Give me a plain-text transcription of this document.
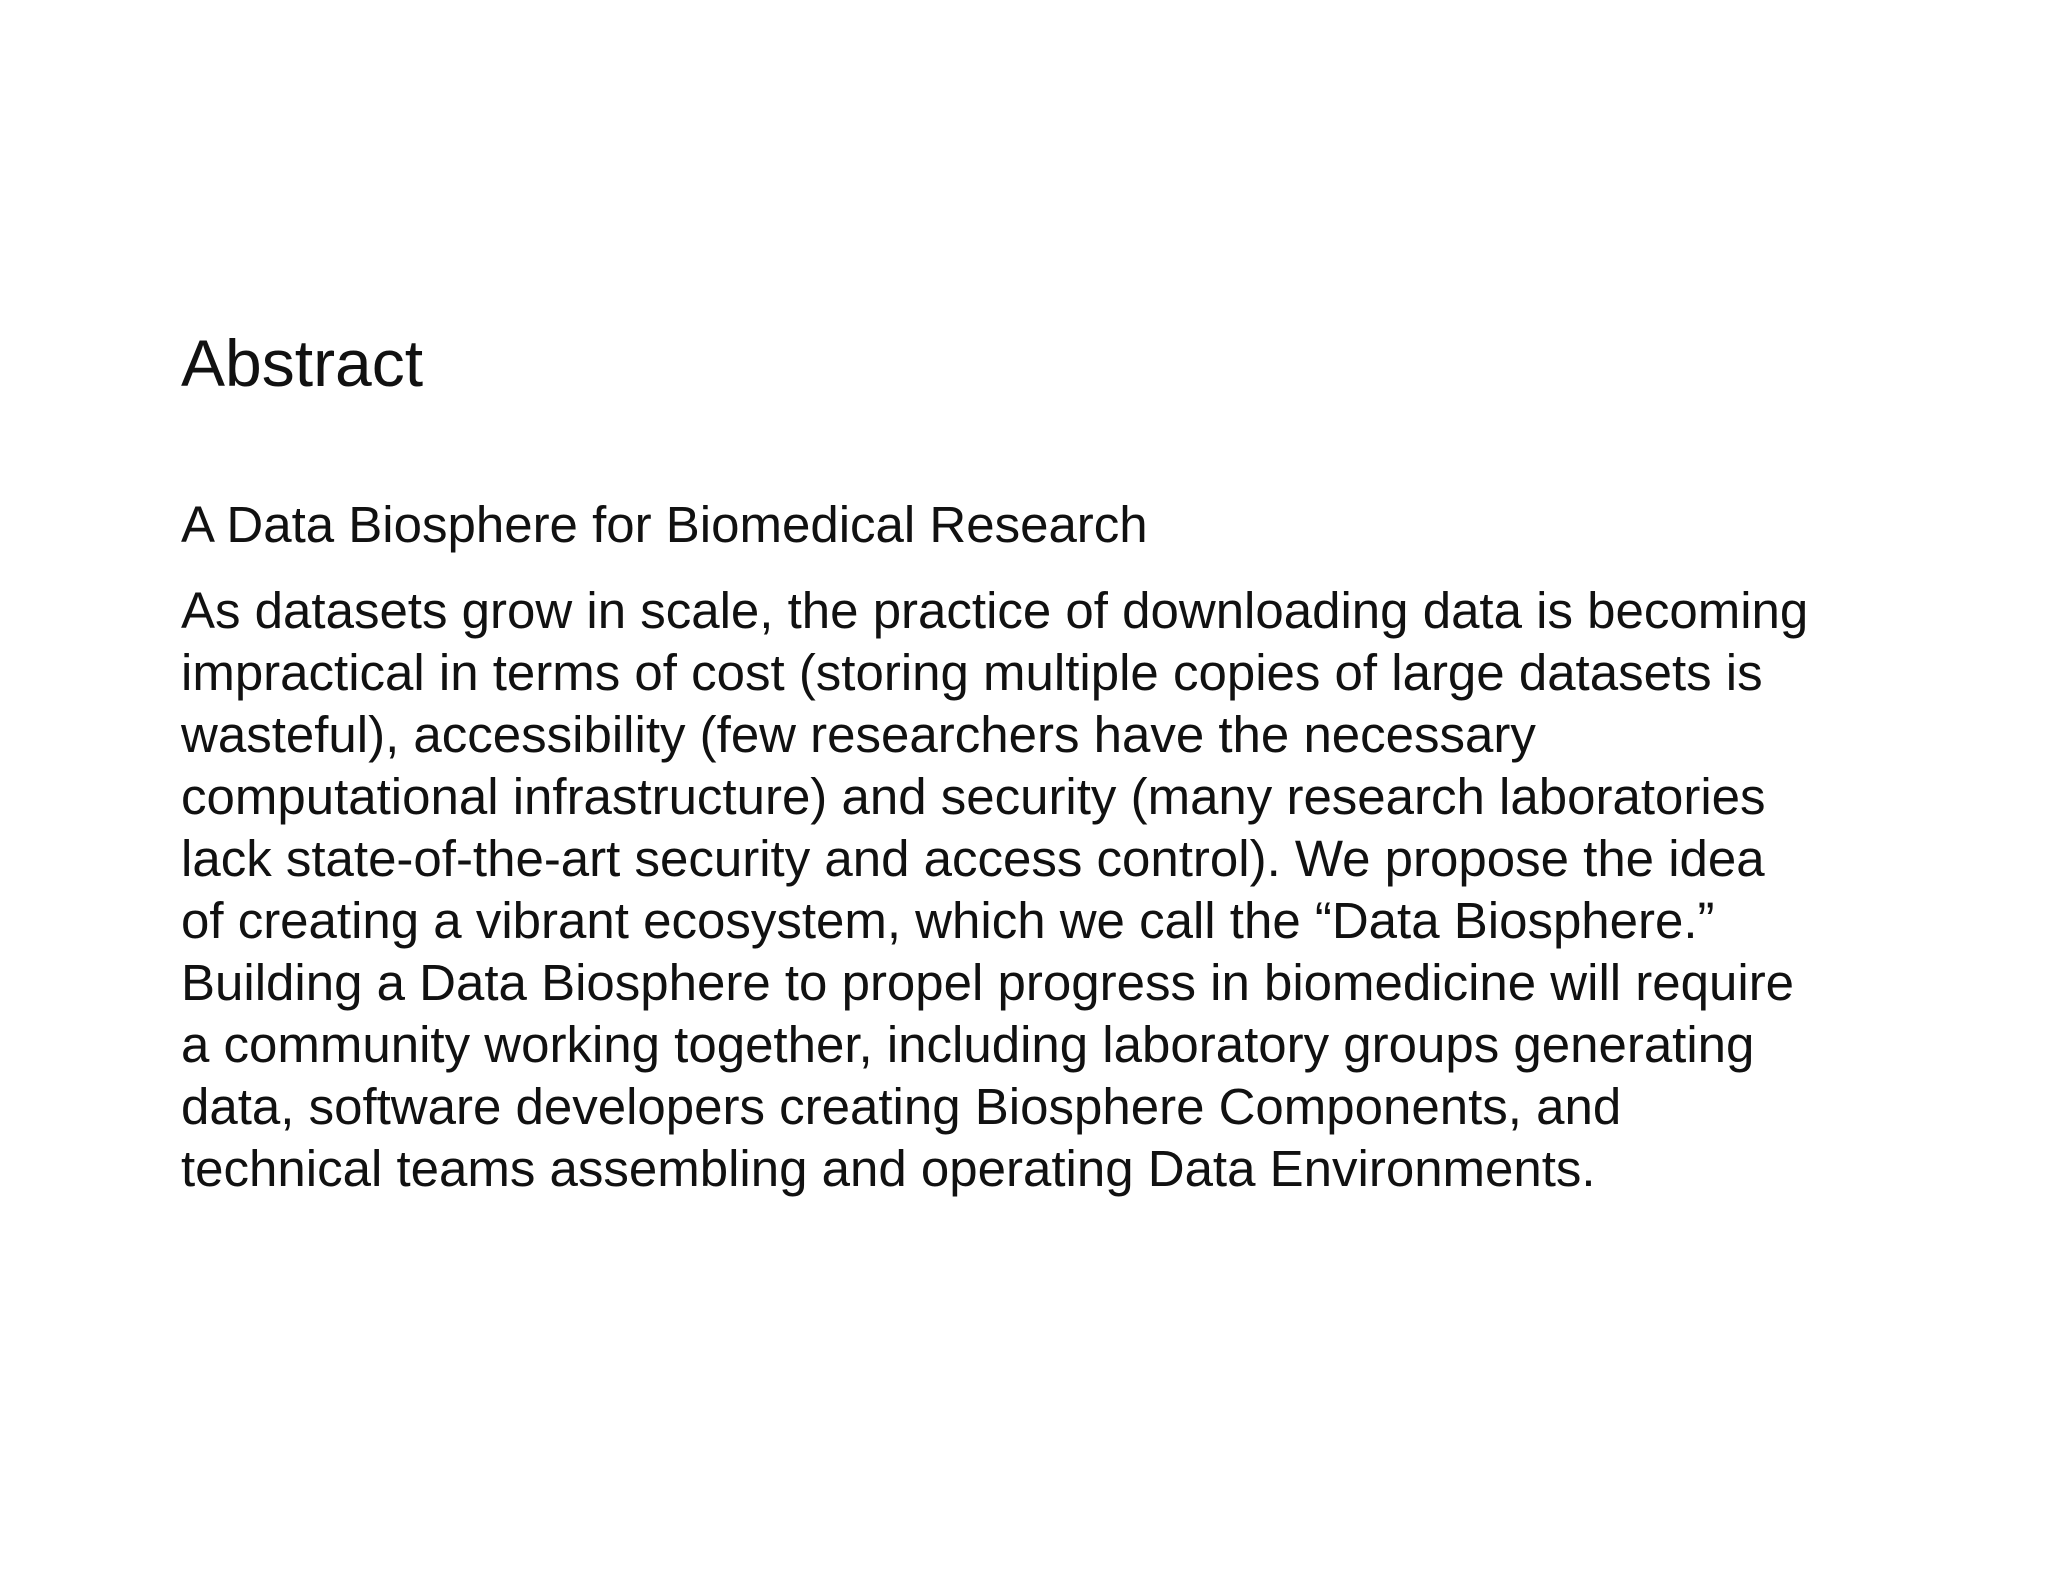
Abstract
A Data Biosphere for Biomedical Research
As datasets grow in scale, the practice of downloading data is becoming
impractical in terms of cost (storing multiple copies of large datasets is
wasteful), accessibility (few researchers have the necessary
computational infrastructure) and security (many research laboratories
lack state-of-the-art security and access control). We propose the idea
of creating a vibrant ecosystem, which we call the “Data Biosphere.”
Building a Data Biosphere to propel progress in biomedicine will require
a community working together, including laboratory groups generating
data, software developers creating Biosphere Components, and
technical teams assembling and operating Data Environments.
